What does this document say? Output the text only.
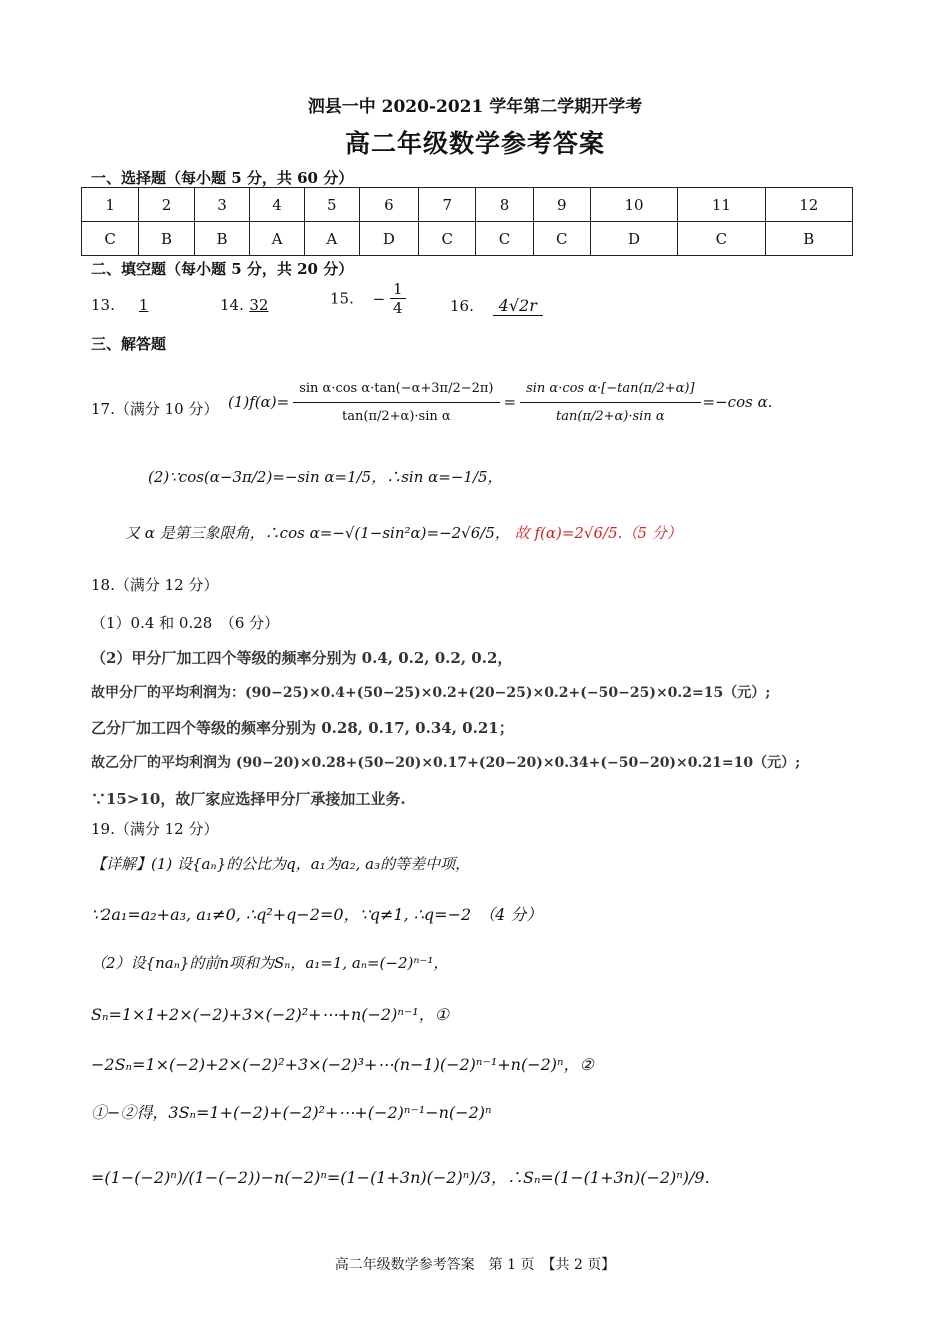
泗县一中 2020-2021 学年第二学期开学考
高二年级数学参考答案
一、选择题（每小题 5 分，共 60 分）
1	2	3	4	5	6	7	8	9	10	11	12
C	B	B	A	A	D	C	C	C	D	C	B
二、填空题（每小题 5 分，共 20 分）
13. 1	14. 32	15. − $\frac{1}{4}$	16. 4√2r
三、解答题
17.（满分 10 分） $(1)f(\alpha)= \frac{\text{sin α·cos α·tan(−α+3π/2−2π)}}{\text{tan(π/2+α)·sin α}} = \frac{\text{sin α·cos α·[−tan(π/2+α)]}}{\text{tan(π/2+α)·sin α}} =-\cos$ α.
(2)∵cos(α−3π/2)=−sin α=1/5，∴sin α=−1/5，
又 α 是第三象限角，∴cos α=−√(1−sin²α)=−2√6/5， 故 f(α)=2√6/5.（5 分）
18.（满分 12 分）
（1）0.4 和 0.28　（6 分）
（2）甲分厂加工四个等级的频率分别为 0.4, 0.2, 0.2, 0.2，
故甲分厂的平均利润为：(90−25)×0.4+(50−25)×0.2+(20−25)×0.2+(−50−25)×0.2=15（元）;
乙分厂加工四个等级的频率分别为 0.28, 0.17, 0.34, 0.21；
故乙分厂的平均利润为 (90−20)×0.28+(50−20)×0.17+(20−20)×0.34+(−50−20)×0.21=10（元）;
∵15>10，故厂家应选择甲分厂承接加工业务.
19.（满分 12 分）
【详解】(1) 设{aₙ}的公比为q，a₁为a₂, a₃的等差中项，
∵2a₁=a₂+a₃, a₁≠0, ∴q²+q−2=0，∵q≠1, ∴q=−2　（4 分）
（2）设{naₙ}的前n项和为Sₙ，a₁=1, aₙ=(−2)ⁿ⁻¹，
Sₙ=1×1+2×(−2)+3×(−2)²+⋯+n(−2)ⁿ⁻¹，①
−2Sₙ=1×(−2)+2×(−2)²+3×(−2)³+⋯(n−1)(−2)ⁿ⁻¹+n(−2)ⁿ，②
①−②得，3Sₙ=1+(−2)+(−2)²+⋯+(−2)ⁿ⁻¹−n(−2)ⁿ
=(1−(−2)ⁿ)/(1−(−2))−n(−2)ⁿ=(1−(1+3n)(−2)ⁿ)/3，∴Sₙ=(1−(1+3n)(−2)ⁿ)/9.
高二年级数学参考答案　第 1 页　【共 2 页】
